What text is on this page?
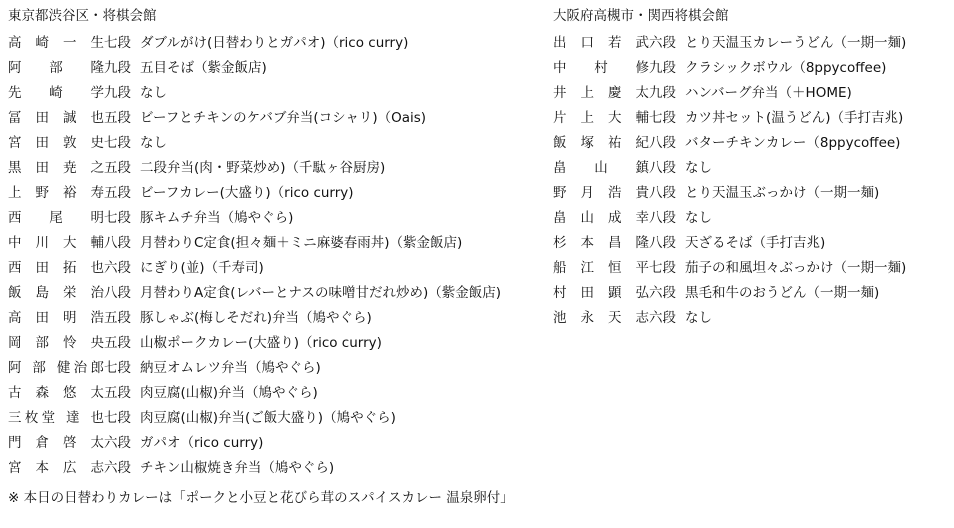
東京都渋谷区・将棋会館
高 崎 一 生 七段 ダブルがけ(日替わりとガパオ)（rico curry)
阿 部 隆 九段 五目そば（紫金飯店)
先 崎 学 九段 なし
冨 田 誠 也 五段 ビーフとチキンのケバブ弁当(コシャリ)（Oais)
宮 田 敦 史 七段 なし
黒 田 尭 之 五段 二段弁当(肉・野菜炒め)（千駄ヶ谷厨房)
上 野 裕 寿 五段 ビーフカレー(大盛り)（rico curry)
西 尾 明 七段 豚キムチ弁当（鳩やぐら)
中 川 大 輔 八段 月替わりC定食(担々麺＋ミニ麻婆春雨丼)（紫金飯店)
西 田 拓 也 六段 にぎり(並)（千寿司)
飯 島 栄 治 八段 月替わりA定食(レバーとナスの味噌甘だれ炒め)（紫金飯店)
高 田 明 浩 五段 豚しゃぶ(梅しそだれ)弁当（鳩やぐら)
岡 部 怜 央 五段 山椒ポークカレー(大盛り)（rico curry)
阿 部 健治郎 七段 納豆オムレツ弁当（鳩やぐら)
古 森 悠 太 五段 肉豆腐(山椒)弁当（鳩やぐら)
三枚堂 達 也 七段 肉豆腐(山椒)弁当(ご飯大盛り)（鳩やぐら)
門 倉 啓 太 六段 ガパオ（rico curry)
宮 本 広 志 六段 チキン山椒焼き弁当（鳩やぐら)
大阪府高槻市・関西将棋会館
出 口 若 武 六段 とり天温玉カレーうどん（一期一麺)
中 村 修 九段 クラシックボウル（8ppycoffee)
井 上 慶 太 九段 ハンバーグ弁当（＋HOME)
片 上 大 輔 七段 カツ丼セット(温うどん)（手打吉兆)
飯 塚 祐 紀 八段 バターチキンカレー（8ppycoffee)
畠 山 鎮 八段 なし
野 月 浩 貴 八段 とり天温玉ぶっかけ（一期一麺)
畠 山 成 幸 八段 なし
杉 本 昌 隆 八段 天ざるそば（手打吉兆)
船 江 恒 平 七段 茄子の和風坦々ぶっかけ（一期一麺)
村 田 顕 弘 六段 黒毛和牛のおうどん（一期一麺)
池 永 天 志 六段 なし
※ 本日の日替わりカレーは「ポークと小豆と花びら茸のスパイスカレー 温泉卵付」
